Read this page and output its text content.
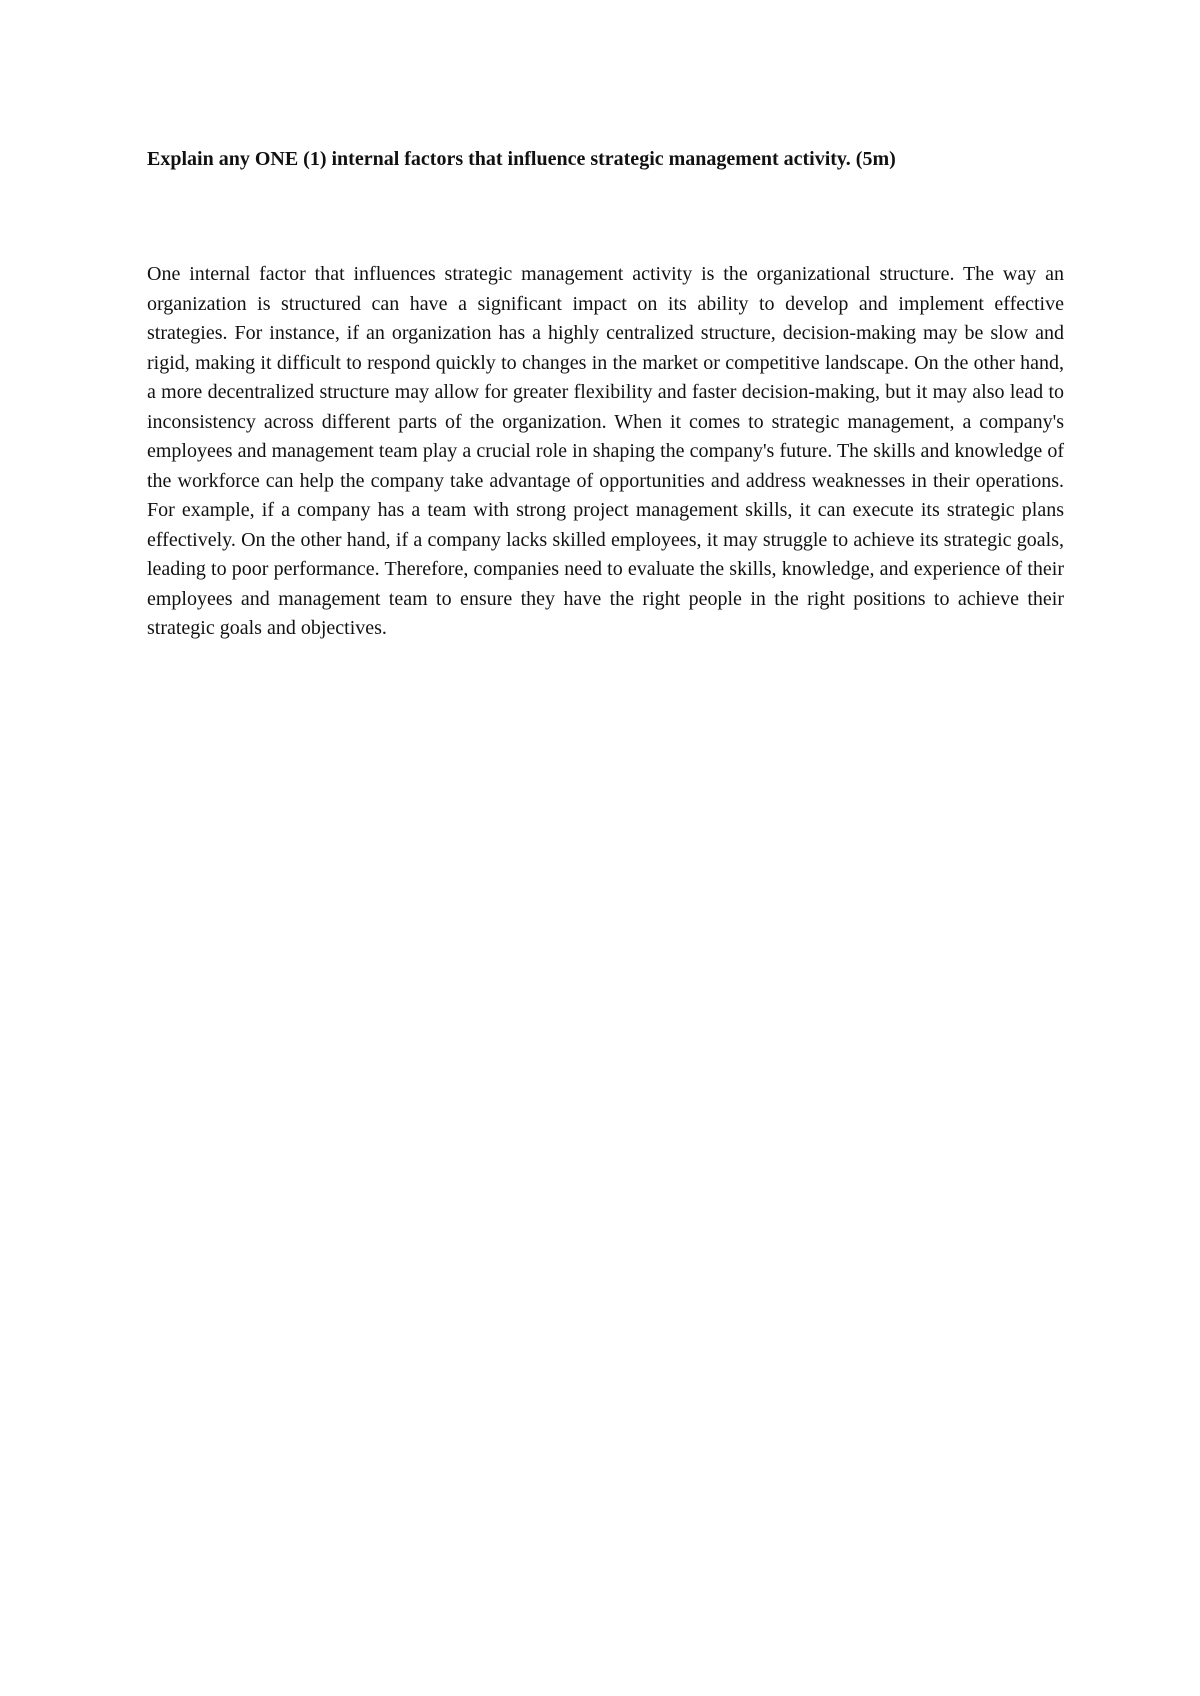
Explain any ONE (1) internal factors that influence strategic management activity. (5m)

One internal factor that influences strategic management activity is the organizational structure. The way an organization is structured can have a significant impact on its ability to develop and implement effective strategies. For instance, if an organization has a highly centralized structure, decision-making may be slow and rigid, making it difficult to respond quickly to changes in the market or competitive landscape. On the other hand, a more decentralized structure may allow for greater flexibility and faster decision-making, but it may also lead to inconsistency across different parts of the organization. When it comes to strategic management, a company's employees and management team play a crucial role in shaping the company's future. The skills and knowledge of the workforce can help the company take advantage of opportunities and address weaknesses in their operations. For example, if a company has a team with strong project management skills, it can execute its strategic plans effectively. On the other hand, if a company lacks skilled employees, it may struggle to achieve its strategic goals, leading to poor performance. Therefore, companies need to evaluate the skills, knowledge, and experience of their employees and management team to ensure they have the right people in the right positions to achieve their strategic goals and objectives.
